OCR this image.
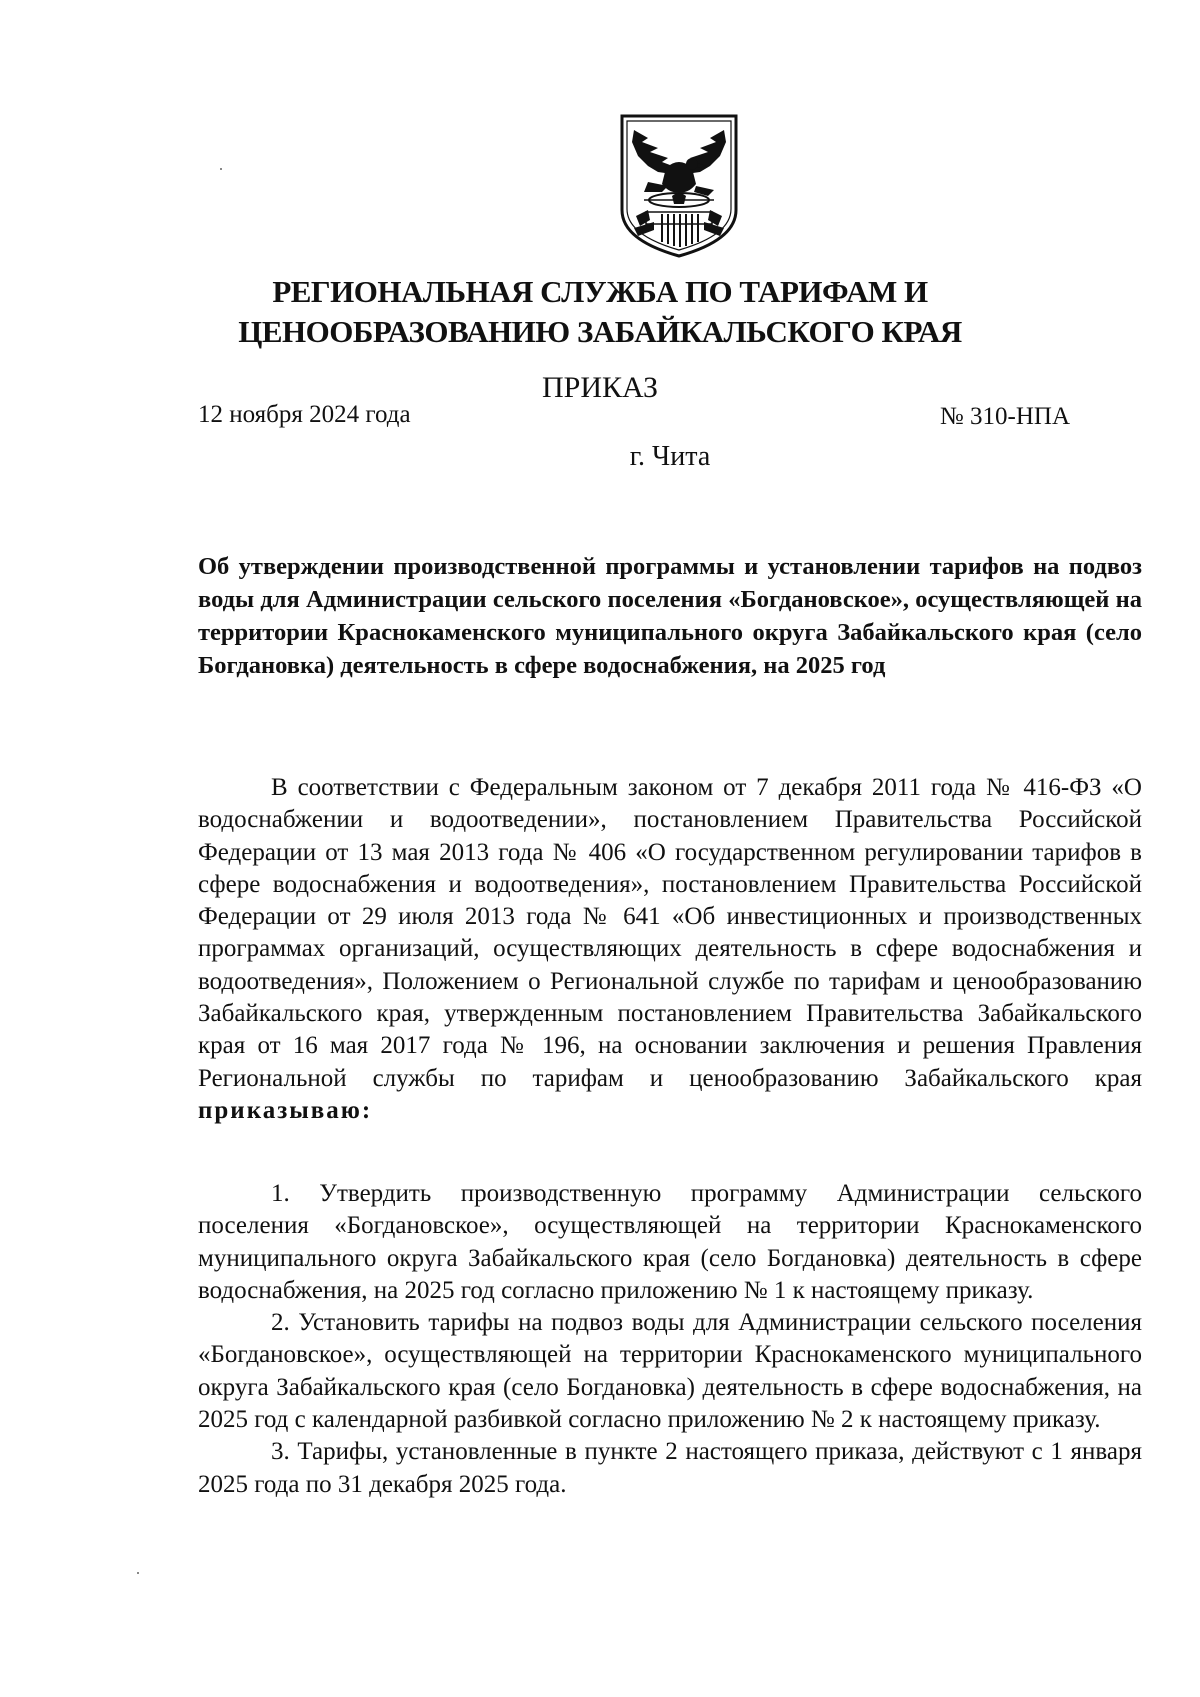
РЕГИОНАЛЬНАЯ СЛУЖБА ПО ТАРИФАМ И
ЦЕНООБРАЗОВАНИЮ ЗАБАЙКАЛЬСКОГО КРАЯ
ПРИКАЗ
12 ноября 2024 года	№ 310-НПА
г. Чита
Об утверждении производственной программы и установлении тарифов на подвоз воды для Администрации сельского поселения «Богдановское», осуществляющей на территории Краснокаменского муниципального округа Забайкальского края (село Богдановка) деятельность в сфере водоснабжения, на 2025 год

В соответствии с Федеральным законом от 7 декабря 2011 года № 416-ФЗ «О водоснабжении и водоотведении», постановлением Правительства Российской Федерации от 13 мая 2013 года № 406 «О государственном регулировании тарифов в сфере водоснабжения и водоотведения», постановлением Правительства Российской Федерации от 29 июля 2013 года № 641 «Об инвестиционных и производственных программах организаций, осуществляющих деятельность в сфере водоснабжения и водоотведения», Положением о Региональной службе по тарифам и ценообразованию Забайкальского края, утвержденным постановлением Правительства Забайкальского края от 16 мая 2017 года № 196, на основании заключения и решения Правления Региональной службы по тарифам и ценообразованию Забайкальского края приказываю:

1. Утвердить производственную программу Администрации сельского поселения «Богдановское», осуществляющей на территории Краснокаменского муниципального округа Забайкальского края (село Богдановка) деятельность в сфере водоснабжения, на 2025 год согласно приложению № 1 к настоящему приказу.

2. Установить тарифы на подвоз воды для Администрации сельского поселения «Богдановское», осуществляющей на территории Краснокаменского муниципального округа Забайкальского края (село Богдановка) деятельность в сфере водоснабжения, на 2025 год с календарной разбивкой согласно приложению № 2 к настоящему приказу.

3. Тарифы, установленные в пункте 2 настоящего приказа, действуют с 1 января 2025 года по 31 декабря 2025 года.
